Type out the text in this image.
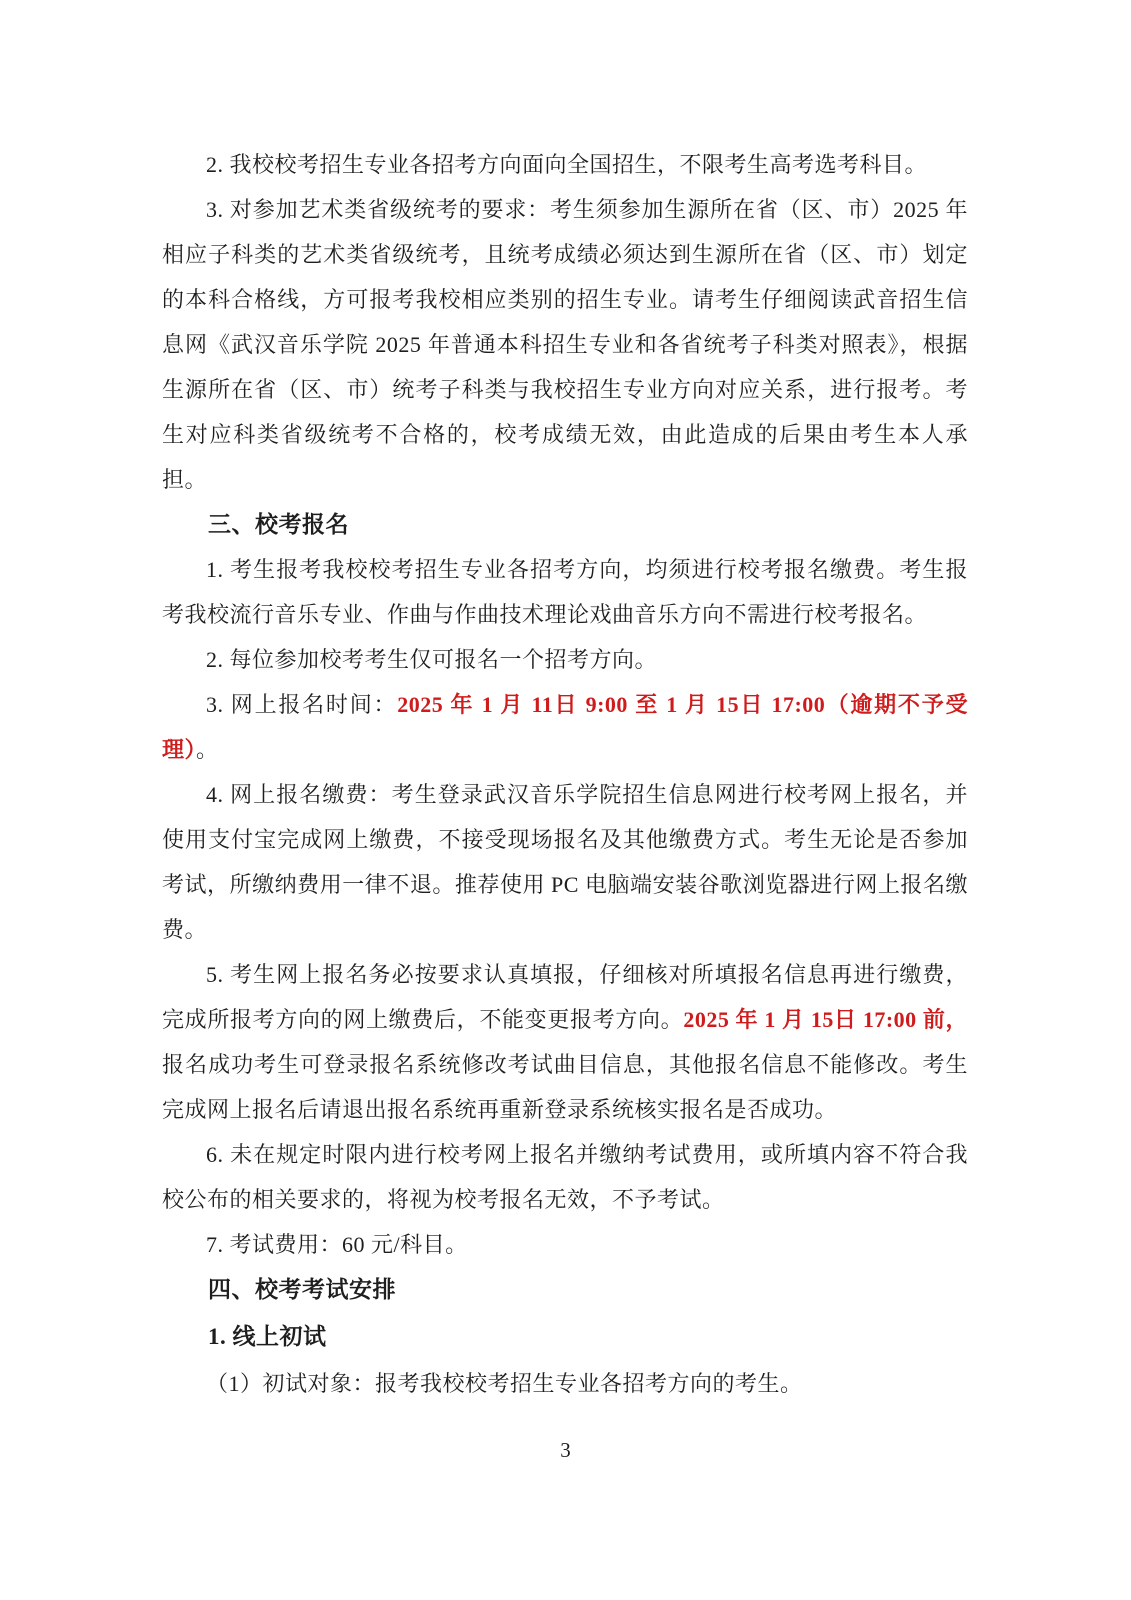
2. 我校校考招生专业各招考方向面向全国招生，不限考生高考选考科目。

3. 对参加艺术类省级统考的要求：考生须参加生源所在省（区、市）2025 年相应子科类的艺术类省级统考，且统考成绩必须达到生源所在省（区、市）划定的本科合格线，方可报考我校相应类别的招生专业。请考生仔细阅读武音招生信息网《武汉音乐学院 2025 年普通本科招生专业和各省统考子科类对照表》，根据生源所在省（区、市）统考子科类与我校招生专业方向对应关系，进行报考。考生对应科类省级统考不合格的，校考成绩无效，由此造成的后果由考生本人承担。

三、校考报名

1. 考生报考我校校考招生专业各招考方向，均须进行校考报名缴费。考生报考我校流行音乐专业、作曲与作曲技术理论戏曲音乐方向不需进行校考报名。

2. 每位参加校考考生仅可报名一个招考方向。

3. 网上报名时间：2025 年 1 月 11日 9:00 至 1 月 15日 17:00（逾期不予受理）。

4. 网上报名缴费：考生登录武汉音乐学院招生信息网进行校考网上报名，并使用支付宝完成网上缴费，不接受现场报名及其他缴费方式。考生无论是否参加考试，所缴纳费用一律不退。推荐使用 PC 电脑端安装谷歌浏览器进行网上报名缴费。

5. 考生网上报名务必按要求认真填报，仔细核对所填报名信息再进行缴费，完成所报考方向的网上缴费后，不能变更报考方向。2025 年 1 月 15日 17:00 前，报名成功考生可登录报名系统修改考试曲目信息，其他报名信息不能修改。考生完成网上报名后请退出报名系统再重新登录系统核实报名是否成功。

6. 未在规定时限内进行校考网上报名并缴纳考试费用，或所填内容不符合我校公布的相关要求的，将视为校考报名无效，不予考试。

7. 考试费用：60 元/科目。

四、校考考试安排
1. 线上初试

（1）初试对象：报考我校校考招生专业各招考方向的考生。

3
